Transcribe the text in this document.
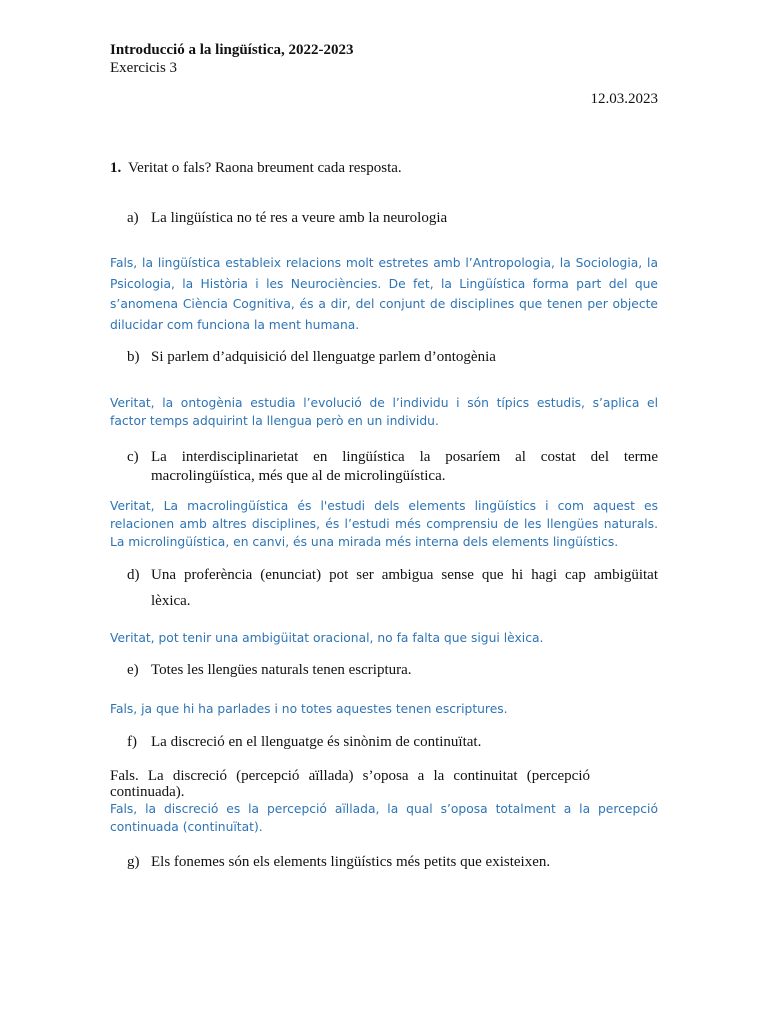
Introducció a la lingüística, 2022-2023
Exercicis 3
12.03.2023
1. Veritat o fals? Raona breument cada resposta.
a) La lingüística no té res a veure amb la neurologia
Fals, la lingüística estableix relacions molt estretes amb l’Antropologia, la Sociologia, la
Psicologia, la Història i les Neurociències. De fet, la Lingüística forma part del que
s’anomena Ciència Cognitiva, és a dir, del conjunt de disciplines que tenen per objecte
dilucidar com funciona la ment humana.
b) Si parlem d’adquisició del llenguatge parlem d’ontogènia
Veritat, la ontogènia estudia l’evolució de l’individu i són típics estudis, s’aplica el
factor temps adquirint la llengua però en un individu.
c) La interdisciplinarietat en lingüística la posaríem al costat del terme
macrolingüística, més que al de microlingüística.
Veritat, La macrolingüística és l'estudi dels elements lingüístics i com aquest es
relacionen amb altres disciplines, és l’estudi més comprensiu de les llengües naturals.
La microlingüística, en canvi, és una mirada més interna dels elements lingüístics.
d) Una proferència (enunciat) pot ser ambigua sense que hi hagi cap ambigüitat
lèxica.
Veritat, pot tenir una ambigüitat oracional, no fa falta que sigui lèxica.
e) Totes les llengües naturals tenen escriptura.
Fals, ja que hi ha parlades i no totes aquestes tenen escriptures.
f) La discreció en el llenguatge és sinònim de continuïtat.
Fals. La discreció (percepció aïllada) s’oposa a la continuitat (percepció
continuada).
Fals, la discreció es la percepció aïllada, la qual s’oposa totalment a la percepció
continuada (continuïtat).
g) Els fonemes són els elements lingüístics més petits que existeixen.
